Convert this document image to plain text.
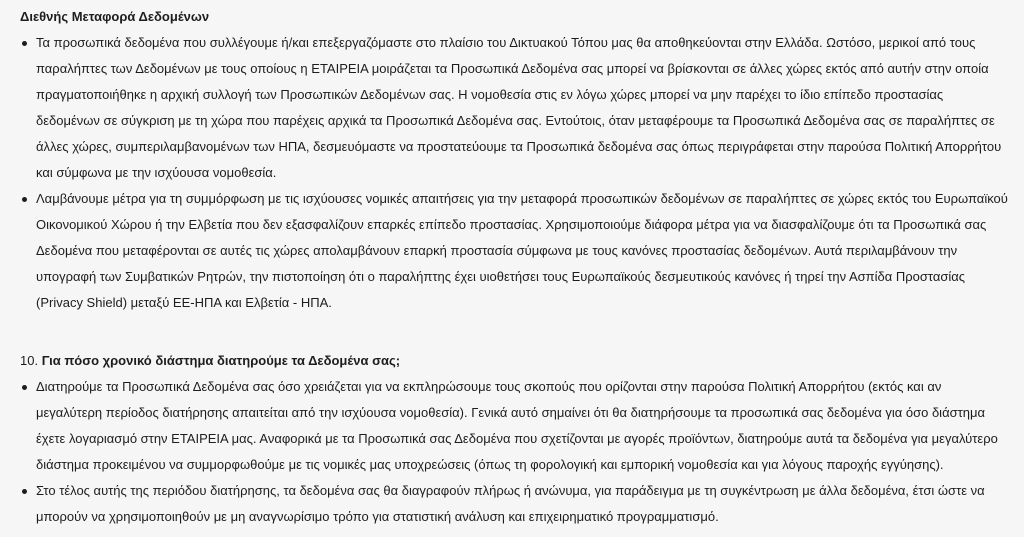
Διεθνής Μεταφορά Δεδομένων

Τα προσωπικά δεδομένα που συλλέγουμε ή/και επεξεργαζόμαστε στο πλαίσιο του Δικτυακού Τόπου μας θα αποθηκεύονται στην Ελλάδα. Ωστόσο, μερικοί από τους παραλήπτες των Δεδομένων με τους οποίους η ΕΤΑΙΡΕΙΑ μοιράζεται τα Προσωπικά Δεδομένα σας μπορεί να βρίσκονται σε άλλες χώρες εκτός από αυτήν στην οποία πραγματοποιήθηκε η αρχική συλλογή των Προσωπικών Δεδομένων σας. Η νομοθεσία στις εν λόγω χώρες μπορεί να μην παρέχει το ίδιο επίπεδο προστασίας δεδομένων σε σύγκριση με τη χώρα που παρέχεις αρχικά τα Προσωπικά Δεδομένα σας. Εντούτοις, όταν μεταφέρουμε τα Προσωπικά Δεδομένα σας σε παραλήπτες σε άλλες χώρες, συμπεριλαμβανομένων των ΗΠΑ, δεσμευόμαστε να προστατεύουμε τα Προσωπικά δεδομένα σας όπως περιγράφεται στην παρούσα Πολιτική Απορρήτου και σύμφωνα με την ισχύουσα νομοθεσία.
Λαμβάνουμε μέτρα για τη συμμόρφωση με τις ισχύουσες νομικές απαιτήσεις για την μεταφορά προσωπικών δεδομένων σε παραλήπτες σε χώρες εκτός του Ευρωπαϊκού Οικονομικού Χώρου ή την Ελβετία που δεν εξασφαλίζουν επαρκές επίπεδο προστασίας. Χρησιμοποιούμε διάφορα μέτρα για να διασφαλίζουμε ότι τα Προσωπικά σας Δεδομένα που μεταφέρονται σε αυτές τις χώρες απολαμβάνουν επαρκή προστασία σύμφωνα με τους κανόνες προστασίας δεδομένων. Αυτά περιλαμβάνουν την υπογραφή των Συμβατικών Ρητρών, την πιστοποίηση ότι ο παραλήπτης έχει υιοθετήσει τους Ευρωπαϊκούς δεσμευτικούς κανόνες ή τηρεί την Ασπίδα Προστασίας (Privacy Shield) μεταξύ ΕΕ-ΗΠΑ και Ελβετία - ΗΠΑ.

10. Για πόσο χρονικό διάστημα διατηρούμε τα Δεδομένα σας;

Διατηρούμε τα Προσωπικά Δεδομένα σας όσο χρειάζεται για να εκπληρώσουμε τους σκοπούς που ορίζονται στην παρούσα Πολιτική Απορρήτου (εκτός και αν μεγαλύτερη περίοδος διατήρησης απαιτείται από την ισχύουσα νομοθεσία). Γενικά αυτό σημαίνει ότι θα διατηρήσουμε τα προσωπικά σας δεδομένα για όσο διάστημα έχετε λογαριασμό στην ΕΤΑΙΡΕΙΑ μας. Αναφορικά με τα Προσωπικά σας Δεδομένα που σχετίζονται με αγορές προϊόντων, διατηρούμε αυτά τα δεδομένα για μεγαλύτερο διάστημα προκειμένου να συμμορφωθούμε με τις νομικές μας υποχρεώσεις (όπως τη φορολογική και εμπορική νομοθεσία και για λόγους παροχής εγγύησης).
Στο τέλος αυτής της περιόδου διατήρησης, τα δεδομένα σας θα διαγραφούν πλήρως ή ανώνυμα, για παράδειγμα με τη συγκέντρωση με άλλα δεδομένα, έτσι ώστε να μπορούν να χρησιμοποιηθούν με μη αναγνωρίσιμο τρόπο για στατιστική ανάλυση και επιχειρηματικό προγραμματισμό.
